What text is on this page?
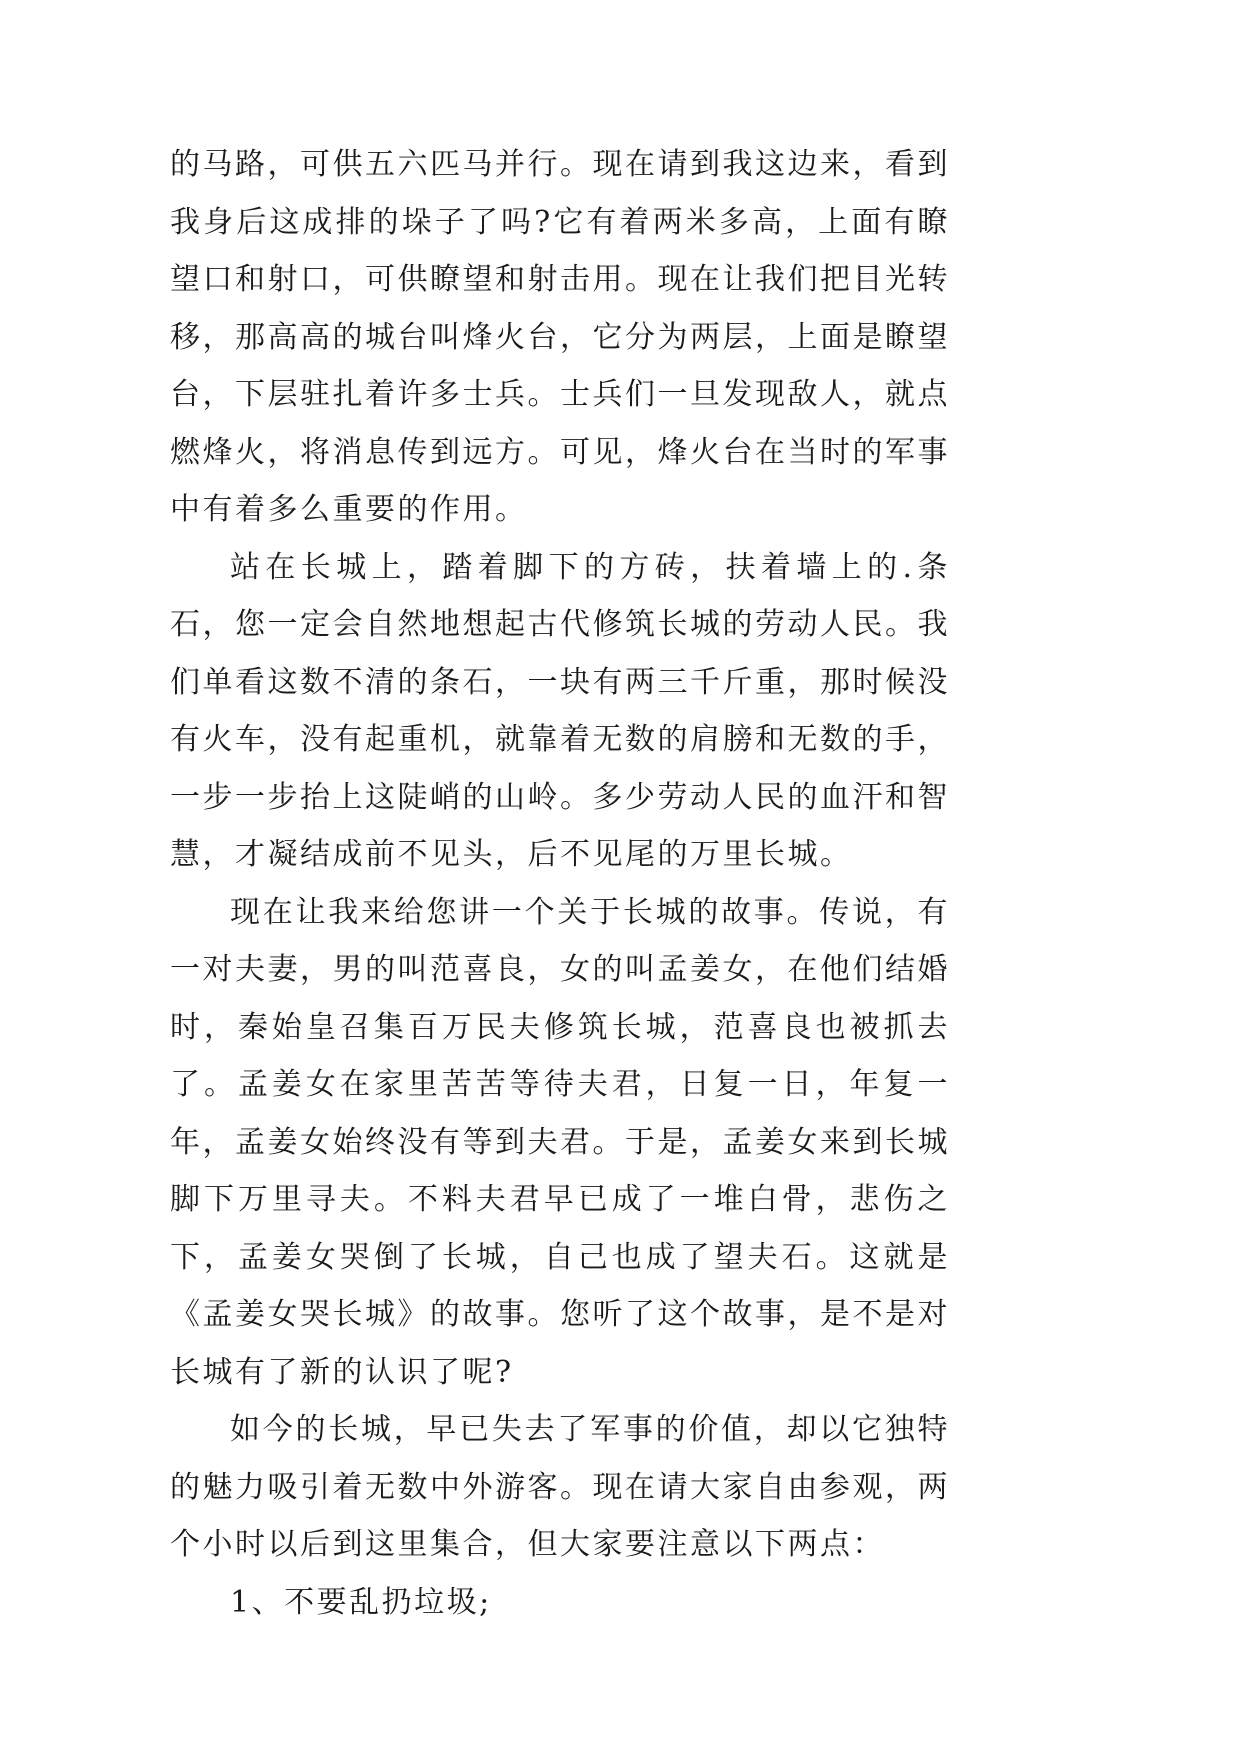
的马路，可供五六匹马并行。现在请到我这边来，看到我身后这成排的垛子了吗?它有着两米多高，上面有瞭望口和射口，可供瞭望和射击用。现在让我们把目光转移，那高高的城台叫烽火台，它分为两层，上面是瞭望台，下层驻扎着许多士兵。士兵们一旦发现敌人，就点燃烽火，将消息传到远方。可见，烽火台在当时的军事中有着多么重要的作用。

站在长城上，踏着脚下的方砖，扶着墙上的.条石，您一定会自然地想起古代修筑长城的劳动人民。我们单看这数不清的条石，一块有两三千斤重，那时候没有火车，没有起重机，就靠着无数的肩膀和无数的手，一步一步抬上这陡峭的山岭。多少劳动人民的血汗和智慧，才凝结成前不见头，后不见尾的万里长城。

现在让我来给您讲一个关于长城的故事。传说，有一对夫妻，男的叫范喜良，女的叫孟姜女，在他们结婚时，秦始皇召集百万民夫修筑长城，范喜良也被抓去了。孟姜女在家里苦苦等待夫君，日复一日，年复一年，孟姜女始终没有等到夫君。于是，孟姜女来到长城脚下万里寻夫。不料夫君早已成了一堆白骨，悲伤之下，孟姜女哭倒了长城，自己也成了望夫石。这就是《孟姜女哭长城》的故事。您听了这个故事，是不是对长城有了新的认识了呢?

如今的长城，早已失去了军事的价值，却以它独特的魅力吸引着无数中外游客。现在请大家自由参观，两个小时以后到这里集合，但大家要注意以下两点：

1、不要乱扔垃圾;
